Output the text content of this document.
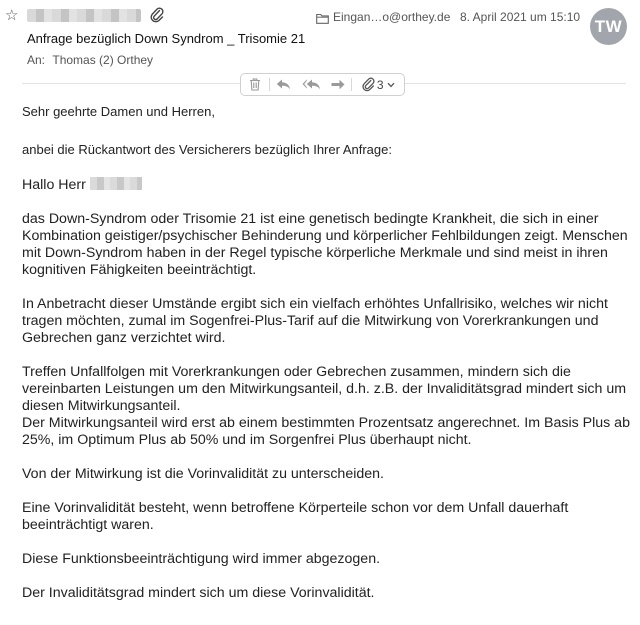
☆	Eingan…o@orthey.de 8. April 2021 um 15:10 TW
Anfrage bezüglich Down Syndrom _ Trisomie 21
An: Thomas (2) Orthey
3

Sehr geehrte Damen und Herren,

anbei die Rückantwort des Versicherers bezüglich Ihrer Anfrage:

Hallo Herr

das Down-Syndrom oder Trisomie 21 ist eine genetisch bedingte Krankheit, die sich in einer Kombination geistiger/psychischer Behinderung und körperlicher Fehlbildungen zeigt. Menschen mit Down-Syndrom haben in der Regel typische körperliche Merkmale und sind meist in ihren kognitiven Fähigkeiten beeinträchtigt.

In Anbetracht dieser Umstände ergibt sich ein vielfach erhöhtes Unfallrisiko, welches wir nicht tragen möchten, zumal im Sogenfrei-Plus-Tarif auf die Mitwirkung von Vorerkrankungen und Gebrechen ganz verzichtet wird.

Treffen Unfallfolgen mit Vorerkrankungen oder Gebrechen zusammen, mindern sich die vereinbarten Leistungen um den Mitwirkungsanteil, d.h. z.B. der Invaliditätsgrad mindert sich um diesen Mitwirkungsanteil.

Der Mitwirkungsanteil wird erst ab einem bestimmten Prozentsatz angerechnet. Im Basis Plus ab 25%, im Optimum Plus ab 50% und im Sorgenfrei Plus überhaupt nicht.

Von der Mitwirkung ist die Vorinvalidität zu unterscheiden.

Eine Vorinvalidität besteht, wenn betroffene Körperteile schon vor dem Unfall dauerhaft beeinträchtigt waren.

Diese Funktionsbeeinträchtigung wird immer abgezogen.

Der Invaliditätsgrad mindert sich um diese Vorinvalidität.
